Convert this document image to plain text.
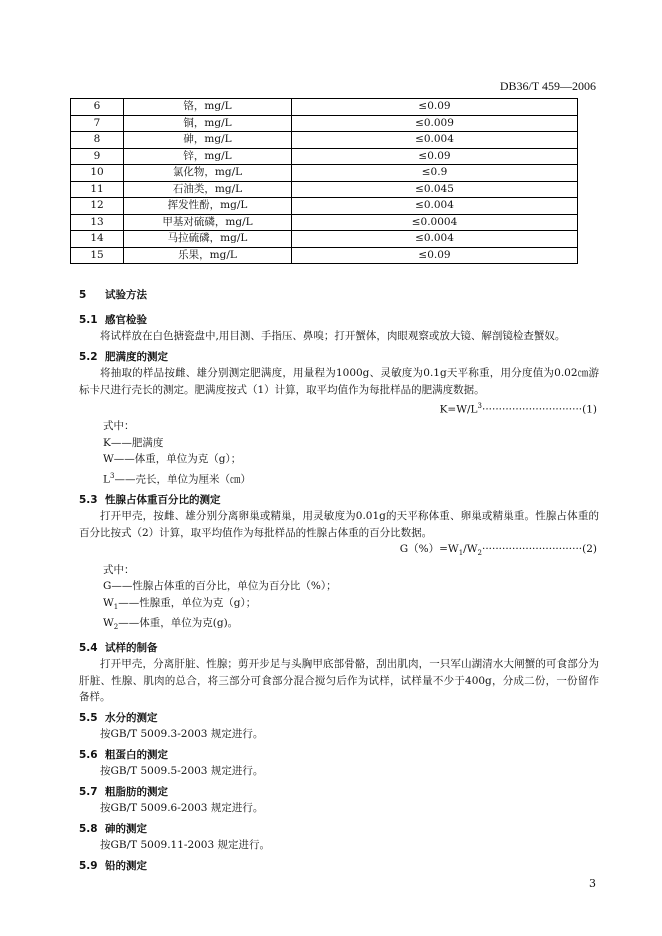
DB36/T 459—2006
6	铬，mg/L	≤0.09
7	铜，mg/L	≤0.009
8	砷，mg/L	≤0.004
9	锌，mg/L	≤0.09
10	氯化物，mg/L	≤0.9
11	石油类，mg/L	≤0.045
12	挥发性酚，mg/L	≤0.004
13	甲基对硫磷，mg/L	≤0.0004
14	马拉硫磷，mg/L	≤0.004
15	乐果，mg/L	≤0.09

5 试验方法

5.1 感官检验

将试样放在白色搪瓷盘中,用目测、手指压、鼻嗅；打开蟹体，肉眼观察或放大镜、解剖镜检查蟹奴。

5.2 肥满度的测定

将抽取的样品按雌、雄分别测定肥满度，用量程为1000g、灵敏度为0.1g天平称重，用分度值为0.02㎝游标卡尺进行壳长的测定。肥满度按式（1）计算，取平均值作为每批样品的肥满度数据。

$K=W/L^3\cdot\cdot\cdot\cdot\cdot\cdot\cdot\cdot\cdot\cdot\cdot\cdot\cdot\cdot\cdot\cdot\cdot\cdot\cdot\cdot\cdot\cdot\cdot\cdot\cdot\cdot\cdot\cdot\cdot\cdot(1)$

式中：

K——肥满度

W——体重，单位为克（g）；

$L^3——$壳长，单位为厘米（㎝）

5.3 性腺占体重百分比的测定

打开甲壳，按雌、雄分别分离卵巢或精巢，用灵敏度为0.01g的天平称体重、卵巢或精巢重。性腺占体重的百分比按式（2）计算，取平均值作为每批样品的性腺占体重的百分比数据。

$G(\%)=W_1/W_2\cdot\cdot\cdot\cdot\cdot\cdot\cdot\cdot\cdot\cdot\cdot\cdot\cdot\cdot\cdot\cdot\cdot\cdot\cdot\cdot\cdot\cdot\cdot\cdot\cdot\cdot\cdot\cdot\cdot\cdot(2)$

式中：

G——性腺占体重的百分比，单位为百分比（%）；

$W_1——$性腺重，单位为克（g）；

$W_2——$体重，单位为克(g)。

5.4 试样的制备

打开甲壳，分离肝脏、性腺；剪开步足与头胸甲底部骨骼，刮出肌肉，一只军山湖清水大闸蟹的可食部分为肝脏、性腺、肌肉的总合，将三部分可食部分混合搅匀后作为试样，试样量不少于400g，分成二份，一份留作备样。

5.5 水分的测定

按GB/T 5009.3-2003 规定进行。

5.6 粗蛋白的测定

按GB/T 5009.5-2003 规定进行。

5.7 粗脂肪的测定

按GB/T 5009.6-2003 规定进行。

5.8 砷的测定

按GB/T 5009.11-2003 规定进行。

5.9 铅的测定

3
